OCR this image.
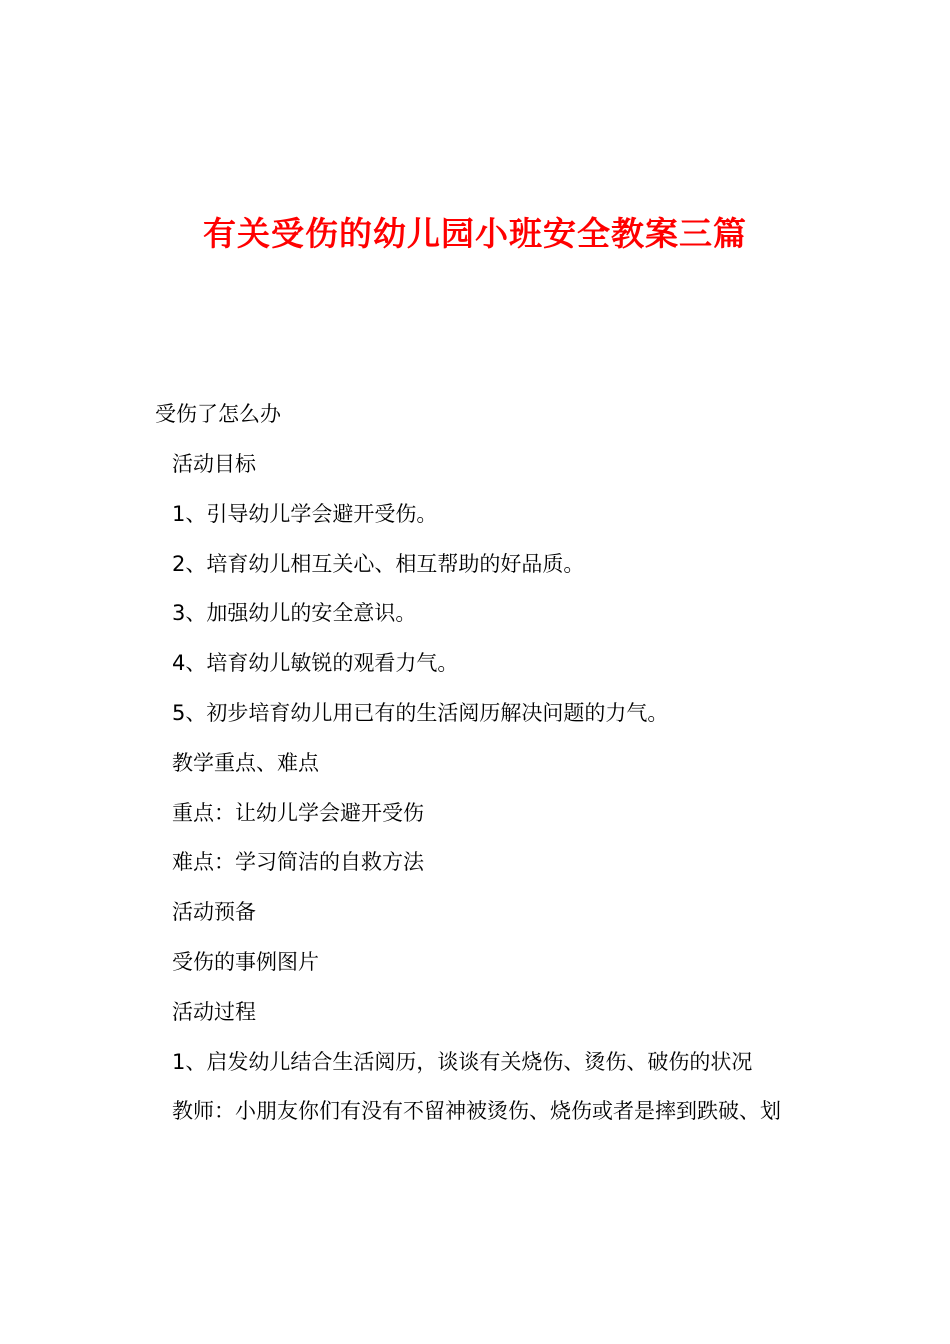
有关受伤的幼儿园小班安全教案三篇
受伤了怎么办
活动目标
1、引导幼儿学会避开受伤。
2、培育幼儿相互关心、相互帮助的好品质。
3、加强幼儿的安全意识。
4、培育幼儿敏锐的观看力气。
5、初步培育幼儿用已有的生活阅历解决问题的力气。
教学重点、难点
重点：让幼儿学会避开受伤
难点：学习简洁的自救方法
活动预备
受伤的事例图片
活动过程
1、启发幼儿结合生活阅历，谈谈有关烧伤、烫伤、破伤的状况
教师：小朋友你们有没有不留神被烫伤、烧伤或者是摔到跌破、划
